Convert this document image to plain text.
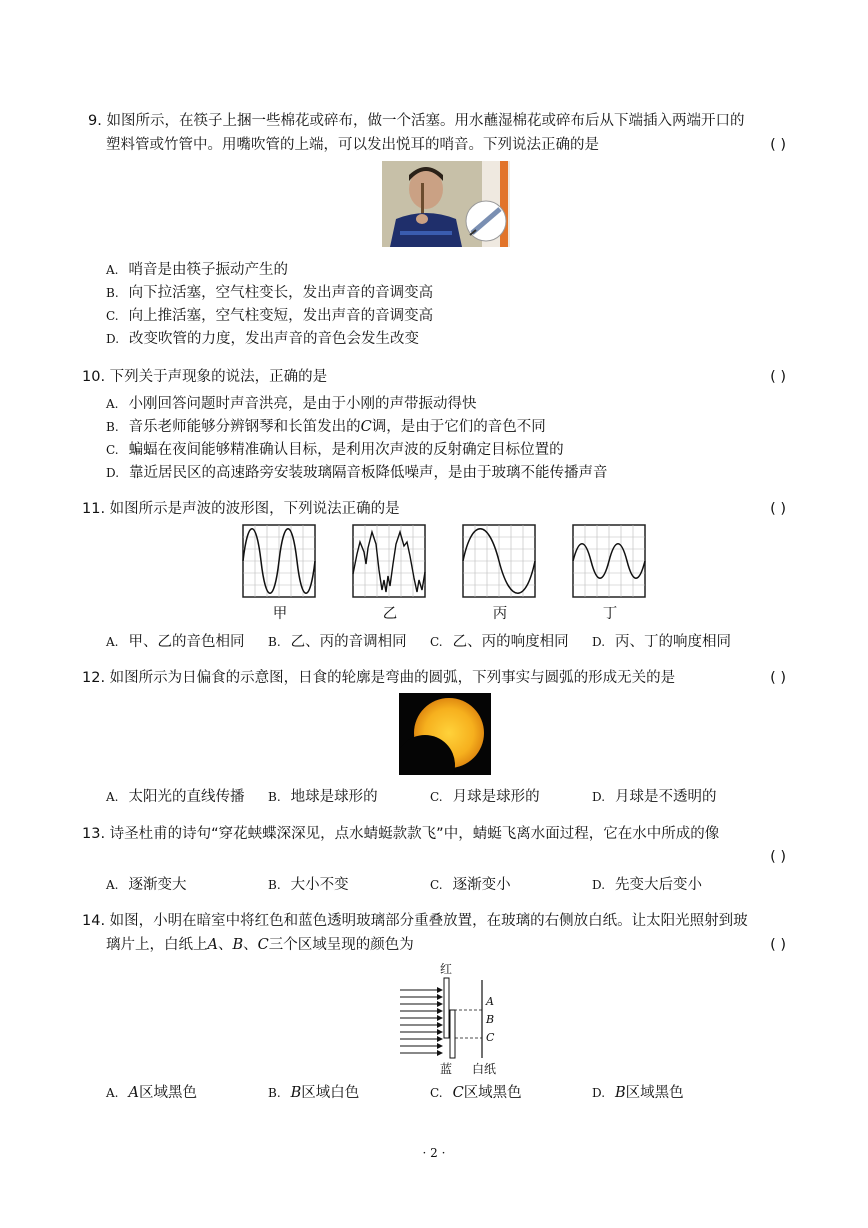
9. 如图所示，在筷子上捆一些棉花或碎布，做一个活塞。用水蘸湿棉花或碎布后从下端插入两端开口的
塑料管或竹管中。用嘴吹管的上端，可以发出悦耳的哨音。下列说法正确的是	( )
A. 哨音是由筷子振动产生的
B. 向下拉活塞，空气柱变长，发出声音的音调变高
C. 向上推活塞，空气柱变短，发出声音的音调变高
D. 改变吹管的力度，发出声音的音色会发生改变
10. 下列关于声现象的说法，正确的是	( )
A. 小刚回答问题时声音洪亮，是由于小刚的声带振动得快
B. 音乐老师能够分辨钢琴和长笛发出的C调，是由于它们的音色不同
C. 蝙蝠在夜间能够精准确认目标，是利用次声波的反射确定目标位置的
D. 靠近居民区的高速路旁安装玻璃隔音板降低噪声，是由于玻璃不能传播声音
11. 如图所示是声波的波形图，下列说法正确的是	( )
甲	乙	丙	丁
A. 甲、乙的音色相同 B. 乙、丙的音调相同 C. 乙、丙的响度相同 D. 丙、丁的响度相同
12. 如图所示为日偏食的示意图，日食的轮廓是弯曲的圆弧，下列事实与圆弧的形成无关的是	( )
A. 太阳光的直线传播 B. 地球是球形的	C. 月球是球形的	D. 月球是不透明的
13. 诗圣杜甫的诗句“穿花蛱蝶深深见，点水蜻蜓款款飞”中，蜻蜓飞离水面过程，它在水中所成的像
( )
A. 逐渐变大	B. 大小不变	C. 逐渐变小	D. 先变大后变小
14. 如图，小明在暗室中将红色和蓝色透明玻璃部分重叠放置，在玻璃的右侧放白纸。让太阳光照射到玻
璃片上，白纸上A、B、C三个区域呈现的颜色为	( )
红
蓝 白纸
A
B
C
A. A区域黑色	B. B区域白色	C. C区域黑色	D. B区域黑色
· 2 ·
